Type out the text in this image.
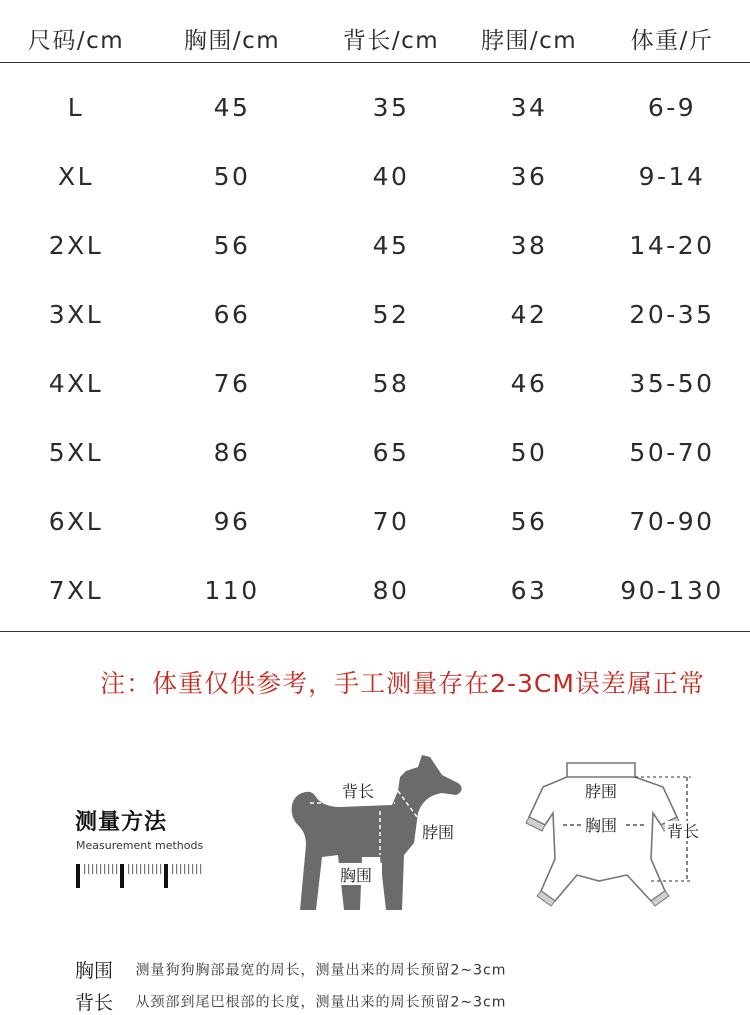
尺码/cm	胸围/cm	背长/cm 脖围/cm 体重/斤
L	45	35	34	6-9
XL	50	40	36	9-14
2XL	56	45	38	14-20
3XL	66	52	42	20-35
4XL	76	58	46	35-50
5XL	86	65	50	50-70
6XL	96	70	56	70-90
7XL	110	80	63	90-130
注：体重仅供参考，手工测量存在2-3CM误差属正常
测量方法
Measurement methods
背长
脖围
胸围
脖围
胸围	背长
胸围 测量狗狗胸部最宽的周长，测量出来的周长预留2~3cm
背长 从颈部到尾巴根部的长度，测量出来的周长预留2~3cm
